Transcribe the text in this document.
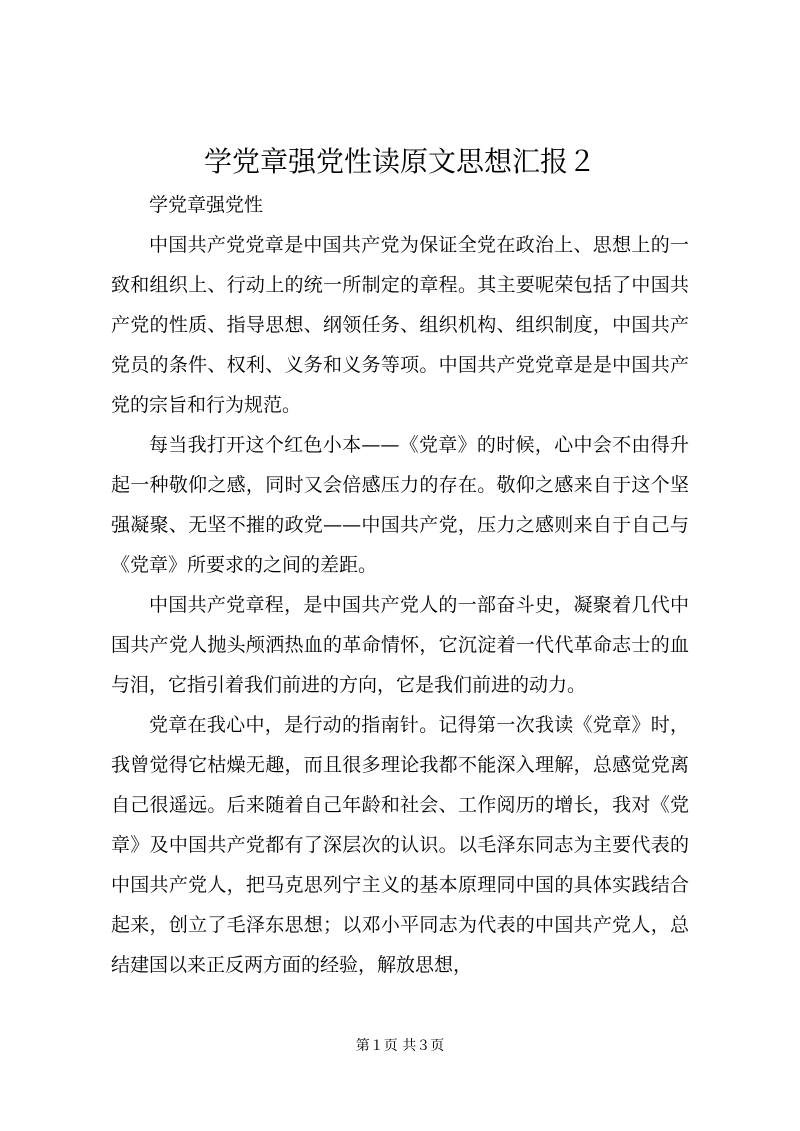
学党章强党性读原文思想汇报２

学党章强党性

中国共产党党章是中国共产党为保证全党在政治上、思想上的一致和组织上、行动上的统一所制定的章程。其主要呢荣包括了中国共产党的性质、指导思想、纲领任务、组织机构、组织制度，中国共产党员的条件、权利、义务和义务等项。中国共产党党章是是中国共产党的宗旨和行为规范。

每当我打开这个红色小本——《党章》的时候，心中会不由得升起一种敬仰之感，同时又会倍感压力的存在。敬仰之感来自于这个坚强凝聚、无坚不摧的政党——中国共产党，压力之感则来自于自己与《党章》所要求的之间的差距。

中国共产党章程，是中国共产党人的一部奋斗史，凝聚着几代中国共产党人抛头颅洒热血的革命情怀，它沉淀着一代代革命志士的血与泪，它指引着我们前进的方向，它是我们前进的动力。

党章在我心中，是行动的指南针。记得第一次我读《党章》时，我曾觉得它枯燥无趣，而且很多理论我都不能深入理解，总感觉党离自己很遥远。后来随着自己年龄和社会、工作阅历的增长，我对《党章》及中国共产党都有了深层次的认识。以毛泽东同志为主要代表的中国共产党人，把马克思列宁主义的基本原理同中国的具体实践结合起来，创立了毛泽东思想；以邓小平同志为代表的中国共产党人，总结建国以来正反两方面的经验，解放思想，

第１页 共３页
